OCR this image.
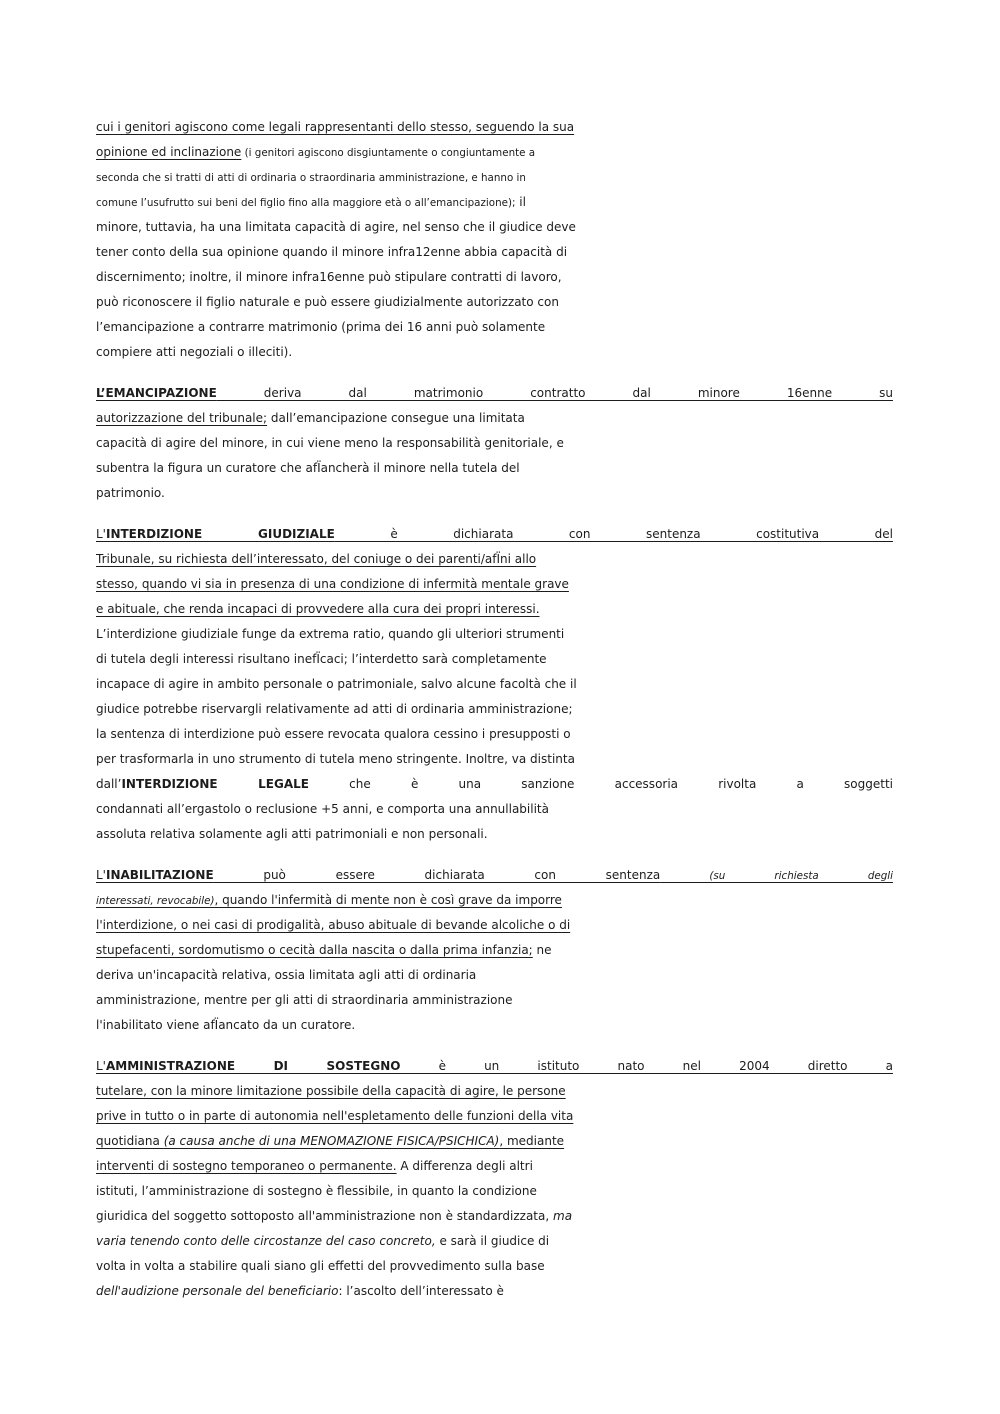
cui i genitori agiscono come legali rappresentanti dello stesso, seguendo la sua
opinione ed inclinazione (i genitori agiscono disgiuntamente o congiuntamente a
seconda che si tratti di atti di ordinaria o straordinaria amministrazione, e hanno in
comune l’usufrutto sui beni del figlio fino alla maggiore età o all’emancipazione); il
minore, tuttavia, ha una limitata capacità di agire, nel senso che il giudice deve
tener conto della sua opinione quando il minore infra12enne abbia capacità di
discernimento; inoltre, il minore infra16enne può stipulare contratti di lavoro,
può riconoscere il figlio naturale e può essere giudizialmente autorizzato con
l’emancipazione a contrarre matrimonio (prima dei 16 anni può solamente
compiere atti negoziali o illeciti).
L’EMANCIPAZIONE deriva dal matrimonio contratto dal minore 16enne su
autorizzazione del tribunale; dall’emancipazione consegue una limitata
capacità di agire del minore, in cui viene meno la responsabilità genitoriale, e
subentra la figura un curatore che afÏancherà il minore nella tutela del
patrimonio.
L'INTERDIZIONE GIUDIZIALE è dichiarata con sentenza costitutiva del
Tribunale, su richiesta dell’interessato, del coniuge o dei parenti/afÏni allo
stesso, quando vi sia in presenza di una condizione di infermità mentale grave
e abituale, che renda incapaci di provvedere alla cura dei propri interessi.
L’interdizione giudiziale funge da extrema ratio, quando gli ulteriori strumenti
di tutela degli interessi risultano inefÏcaci; l’interdetto sarà completamente
incapace di agire in ambito personale o patrimoniale, salvo alcune facoltà che il
giudice potrebbe riservargli relativamente ad atti di ordinaria amministrazione;
la sentenza di interdizione può essere revocata qualora cessino i presupposti o
per trasformarla in uno strumento di tutela meno stringente. Inoltre, va distinta
dall’INTERDIZIONE LEGALE che è una sanzione accessoria rivolta a soggetti
condannati all’ergastolo o reclusione +5 anni, e comporta una annullabilità
assoluta relativa solamente agli atti patrimoniali e non personali.
L'INABILITAZIONE può essere dichiarata con sentenza (su richiesta degli
interessati, revocabile), quando l'infermità di mente non è così grave da imporre
l'interdizione, o nei casi di prodigalità, abuso abituale di bevande alcoliche o di
stupefacenti, sordomutismo o cecità dalla nascita o dalla prima infanzia; ne
deriva un'incapacità relativa, ossia limitata agli atti di ordinaria
amministrazione, mentre per gli atti di straordinaria amministrazione
l'inabilitato viene afÏancato da un curatore.
L'AMMINISTRAZIONE DI SOSTEGNO è un istituto nato nel 2004 diretto a
tutelare, con la minore limitazione possibile della capacità di agire, le persone
prive in tutto o in parte di autonomia nell'espletamento delle funzioni della vita
quotidiana (a causa anche di una MENOMAZIONE FISICA/PSICHICA), mediante
interventi di sostegno temporaneo o permanente. A differenza degli altri
istituti, l’amministrazione di sostegno è flessibile, in quanto la condizione
giuridica del soggetto sottoposto all'amministrazione non è standardizzata, ma
varia tenendo conto delle circostanze del caso concreto, e sarà il giudice di
volta in volta a stabilire quali siano gli effetti del provvedimento sulla base
dell'audizione personale del beneficiario: l’ascolto dell’interessato è
